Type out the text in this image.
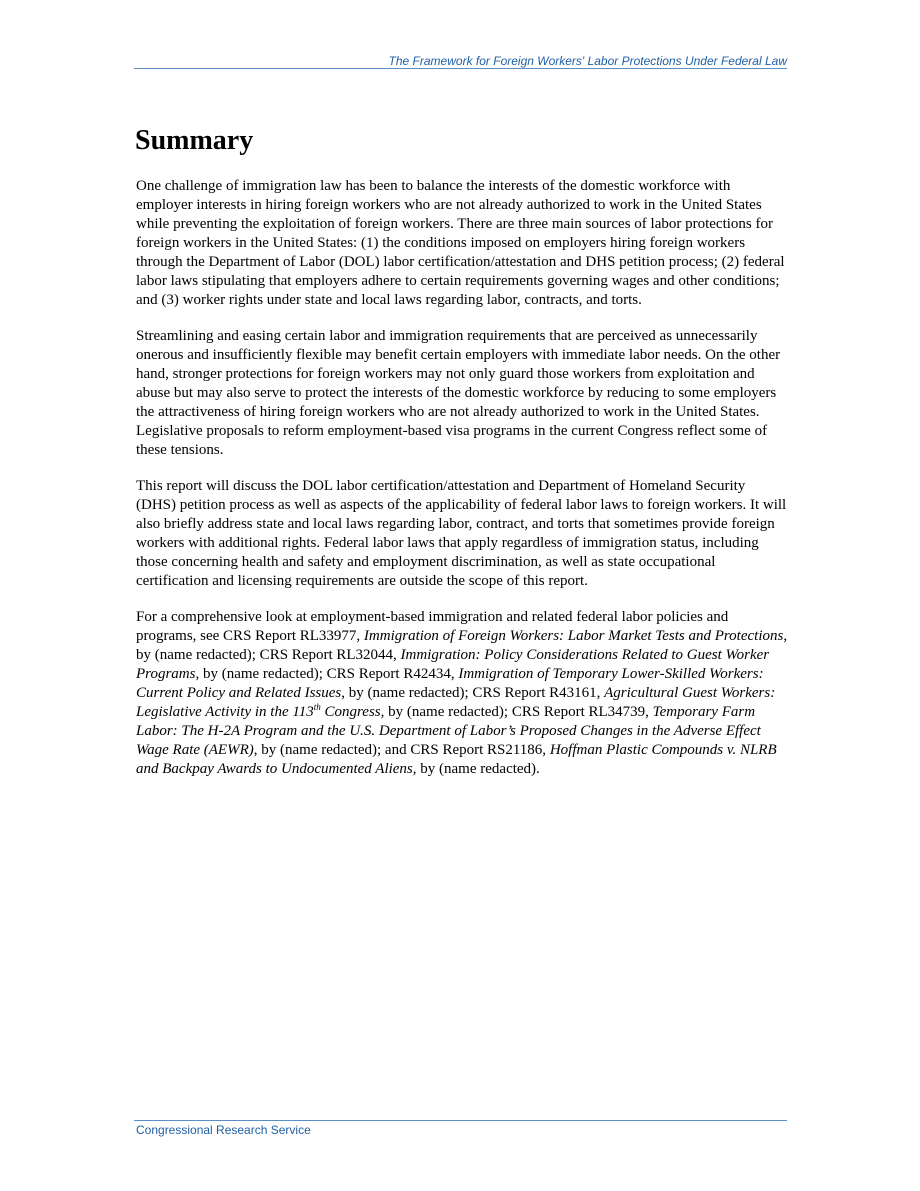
The Framework for Foreign Workers' Labor Protections Under Federal Law
Summary

One challenge of immigration law has been to balance the interests of the domestic workforce with employer interests in hiring foreign workers who are not already authorized to work in the United States while preventing the exploitation of foreign workers. There are three main sources of labor protections for foreign workers in the United States: (1) the conditions imposed on employers hiring foreign workers through the Department of Labor (DOL) labor certification/attestation and DHS petition process; (2) federal labor laws stipulating that employers adhere to certain requirements governing wages and other conditions; and (3) worker rights under state and local laws regarding labor, contracts, and torts.

Streamlining and easing certain labor and immigration requirements that are perceived as unnecessarily onerous and insufficiently flexible may benefit certain employers with immediate labor needs. On the other hand, stronger protections for foreign workers may not only guard those workers from exploitation and abuse but may also serve to protect the interests of the domestic workforce by reducing to some employers the attractiveness of hiring foreign workers who are not already authorized to work in the United States. Legislative proposals to reform employment-based visa programs in the current Congress reflect some of these tensions.

This report will discuss the DOL labor certification/attestation and Department of Homeland Security (DHS) petition process as well as aspects of the applicability of federal labor laws to foreign workers. It will also briefly address state and local laws regarding labor, contract, and torts that sometimes provide foreign workers with additional rights. Federal labor laws that apply regardless of immigration status, including those concerning health and safety and employment discrimination, as well as state occupational certification and licensing requirements are outside the scope of this report.

For a comprehensive look at employment-based immigration and related federal labor policies and programs, see CRS Report RL33977, Immigration of Foreign Workers: Labor Market Tests and Protections, by (name redacted); CRS Report RL32044, Immigration: Policy Considerations Related to Guest Worker Programs, by (name redacted); CRS Report R42434, Immigration of Temporary Lower-Skilled Workers: Current Policy and Related Issues, by (name redacted); CRS Report R43161, Agricultural Guest Workers: Legislative Activity in the 113th Congress, by (name redacted); CRS Report RL34739, Temporary Farm Labor: The H-2A Program and the U.S. Department of Labor’s Proposed Changes in the Adverse Effect Wage Rate (AEWR), by (name redacted); and CRS Report RS21186, Hoffman Plastic Compounds v. NLRB and Backpay Awards to Undocumented Aliens, by (name redacted).

Congressional Research Service
